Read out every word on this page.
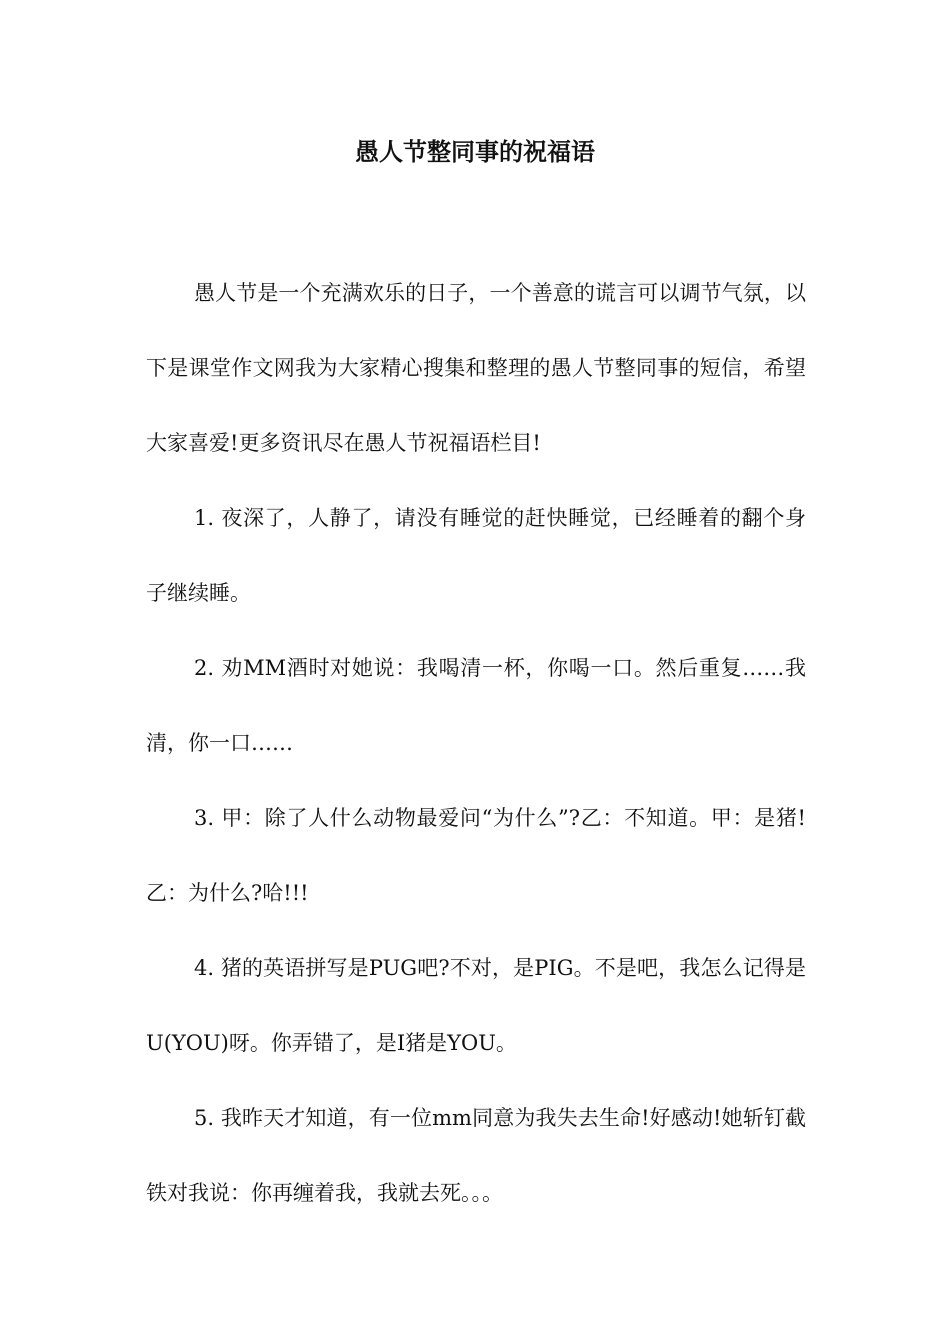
愚人节整同事的祝福语

愚人节是一个充满欢乐的日子，一个善意的谎言可以调节气氛，以下是课堂作文网我为大家精心搜集和整理的愚人节整同事的短信，希望大家喜爱!更多资讯尽在愚人节祝福语栏目!

1. 夜深了，人静了，请没有睡觉的赶快睡觉，已经睡着的翻个身子继续睡。

2. 劝MM酒时对她说：我喝清一杯，你喝一口。然后重复……我清，你一口……

3. 甲：除了人什么动物最爱问“为什么”?乙：不知道。甲：是猪!乙：为什么?哈!!!

4. 猪的英语拼写是PUG吧?不对，是PIG。不是吧，我怎么记得是U(YOU)呀。你弄错了，是I猪是YOU。

5. 我昨天才知道，有一位mm同意为我失去生命!好感动!她斩钉截铁对我说：你再缠着我，我就去死。。。
